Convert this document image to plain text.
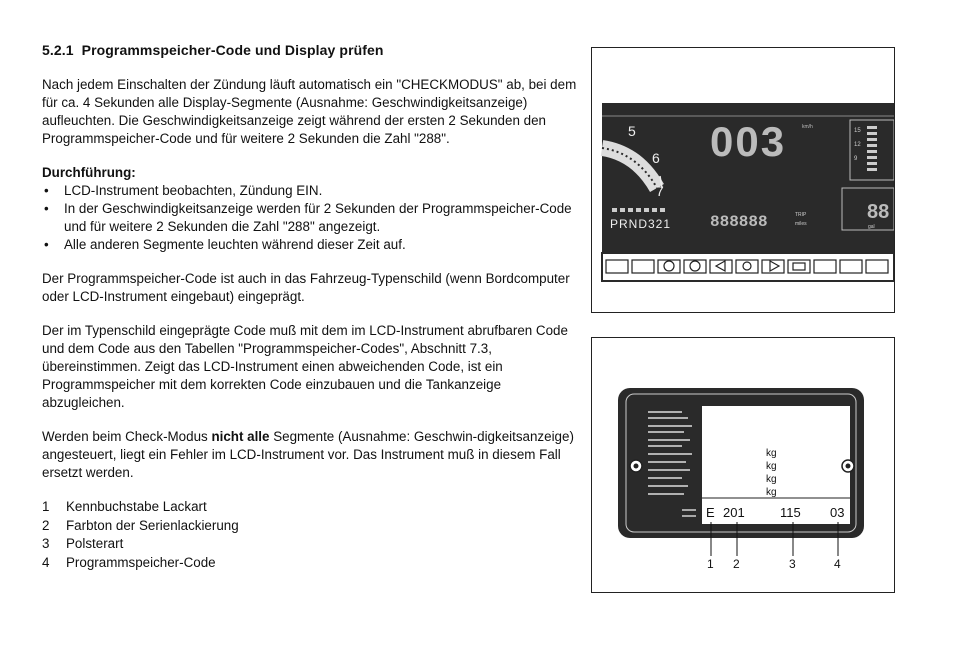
5.2.1 Programmspeicher-Code und Display prüfen

Nach jedem Einschalten der Zündung läuft automatisch ein "CHECKMODUS" ab, bei dem für ca. 4 Sekunden alle Display-Segmente (Ausnahme: Geschwindigkeitsanzeige) aufleuchten. Die Geschwindigkeitsanzeige zeigt während der ersten 2 Sekunden den Programmspeicher-Code und für weitere 2 Sekunden die Zahl "288".

Durchführung:

• LCD-Instrument beobachten, Zündung EIN.
• In der Geschwindigkeitsanzeige werden für 2 Sekunden der Programmspeicher-Code und für weitere 2 Sekunden die Zahl "288" angezeigt.
• Alle anderen Segmente leuchten während dieser Zeit auf.

Der Programmspeicher-Code ist auch in das Fahrzeug-Typenschild (wenn Bordcomputer oder LCD-Instrument eingebaut) eingeprägt.

Der im Typenschild eingeprägte Code muß mit dem im LCD-Instrument abrufbaren Code und dem Code aus den Tabellen "Programmspeicher-Codes", Abschnitt 7.3, übereinstimmen. Zeigt das LCD-Instrument einen abweichenden Code, ist ein Programmspeicher mit dem korrekten Code einzubauen und die Tankanzeige abzugleichen.

Werden beim Check-Modus nicht alle Segmente (Ausnahme: Geschwin-digkeitsanzeige) angesteuert, liegt ein Fehler im LCD-Instrument vor. Das Instrument muß in diesem Fall ersetzt werden.

1	Kennbuchstabe Lackart
2	Farbton der Serienlackierung
3	Polsterart
4	Programmspeicher-Code
5
6
7
003	km/h
15
12
9
PRND321 888888	TRIP
miles
88
gal
kg
kg
kg
kg
E 201	115 03
1 2	3	4
